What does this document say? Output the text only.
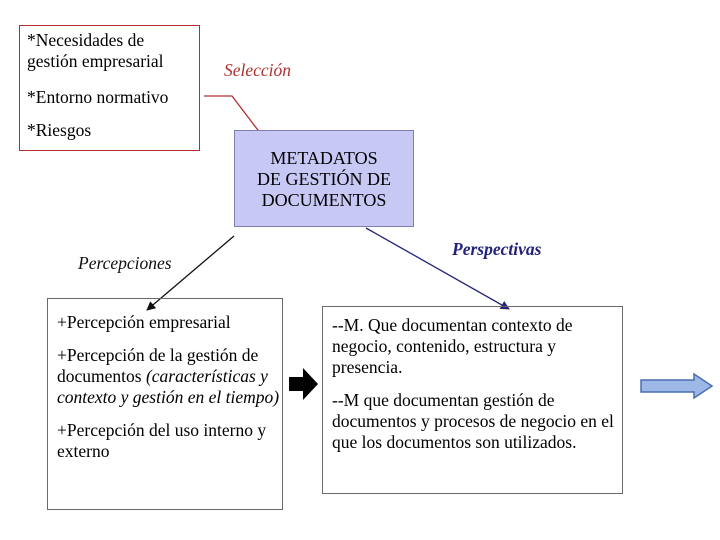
*Necesidades de gestión empresarial

*Entorno normativo

*Riesgos

Selección
METADATOS
DE GESTIÓN DE
DOCUMENTOS
Percepciones
Perspectivas

+Percepción empresarial

+Percepción de la gestión de documentos (características y contexto y gestión en el tiempo)

+Percepción del uso interno y externo

--M. Que documentan contexto de negocio, contenido, estructura y presencia.

--M que documentan gestión de documentos y procesos de negocio en el que los documentos son utilizados.
